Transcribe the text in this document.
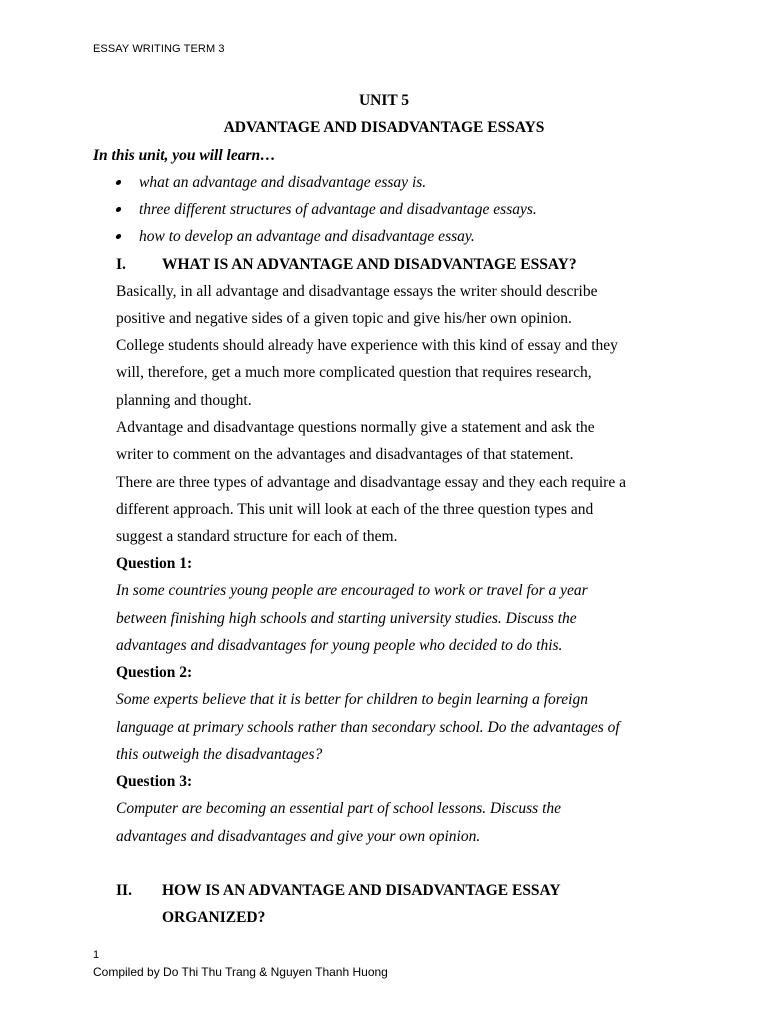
ESSAY WRITING TERM 3
UNIT 5
ADVANTAGE AND DISADVANTAGE ESSAYS
In this unit, you will learn…
what an advantage and disadvantage essay is.
three different structures of advantage and disadvantage essays.
how to develop an advantage and disadvantage essay.
I. WHAT IS AN ADVANTAGE AND DISADVANTAGE ESSAY?
Basically, in all advantage and disadvantage essays the writer should describe
positive and negative sides of a given topic and give his/her own opinion.
College students should already have experience with this kind of essay and they
will, therefore, get a much more complicated question that requires research,
planning and thought.
Advantage and disadvantage questions normally give a statement and ask the
writer to comment on the advantages and disadvantages of that statement.
There are three types of advantage and disadvantage essay and they each require a
different approach. This unit will look at each of the three question types and
suggest a standard structure for each of them.
Question 1:
In some countries young people are encouraged to work or travel for a year
between finishing high schools and starting university studies. Discuss the
advantages and disadvantages for young people who decided to do this.
Question 2:
Some experts believe that it is better for children to begin learning a foreign
language at primary schools rather than secondary school. Do the advantages of
this outweigh the disadvantages?
Question 3:
Computer are becoming an essential part of school lessons. Discuss the
advantages and disadvantages and give your own opinion.
II. HOW IS AN ADVANTAGE AND DISADVANTAGE ESSAY
ORGANIZED?
1
Compiled by Do Thi Thu Trang & Nguyen Thanh Huong
